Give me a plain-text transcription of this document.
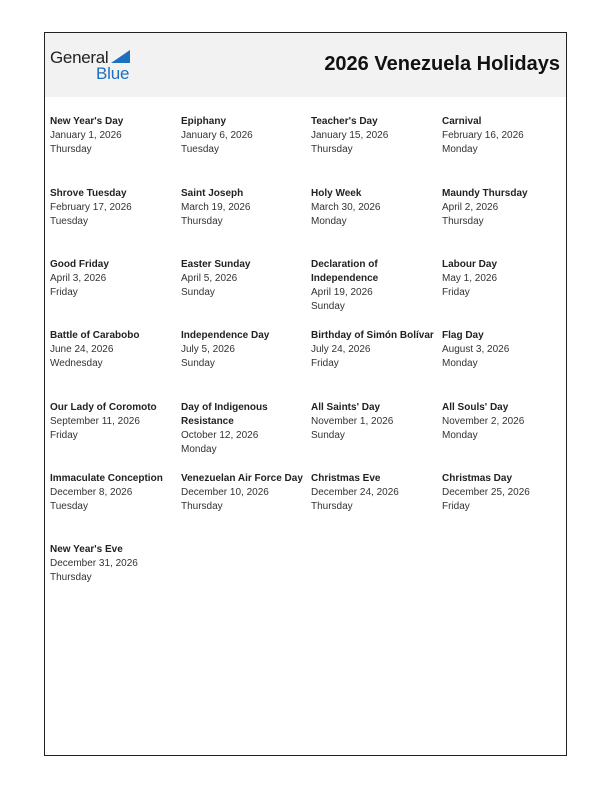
General
Blue	2026 Venezuela Holidays
New Year's Day
January 1, 2026
Thursday
Epiphany
January 6, 2026
Tuesday
Teacher's Day
January 15, 2026
Thursday
Carnival
February 16, 2026
Monday
Shrove Tuesday
February 17, 2026
Tuesday
Saint Joseph
March 19, 2026
Thursday
Holy Week
March 30, 2026
Monday
Maundy Thursday
April 2, 2026
Thursday
Good Friday
April 3, 2026
Friday
Easter Sunday
April 5, 2026
Sunday
Declaration of Independence
April 19, 2026
Sunday
Labour Day
May 1, 2026
Friday
Battle of Carabobo
June 24, 2026
Wednesday
Independence Day
July 5, 2026
Sunday
Birthday of Simón Bolívar
July 24, 2026
Friday
Flag Day
August 3, 2026
Monday
Our Lady of Coromoto
September 11, 2026
Friday
Day of Indigenous Resistance
October 12, 2026
Monday
All Saints' Day
November 1, 2026
Sunday
All Souls' Day
November 2, 2026
Monday
Immaculate Conception
December 8, 2026
Tuesday
Venezuelan Air Force Day
December 10, 2026
Thursday
Christmas Eve
December 24, 2026
Thursday
Christmas Day
December 25, 2026
Friday
New Year's Eve
December 31, 2026
Thursday
